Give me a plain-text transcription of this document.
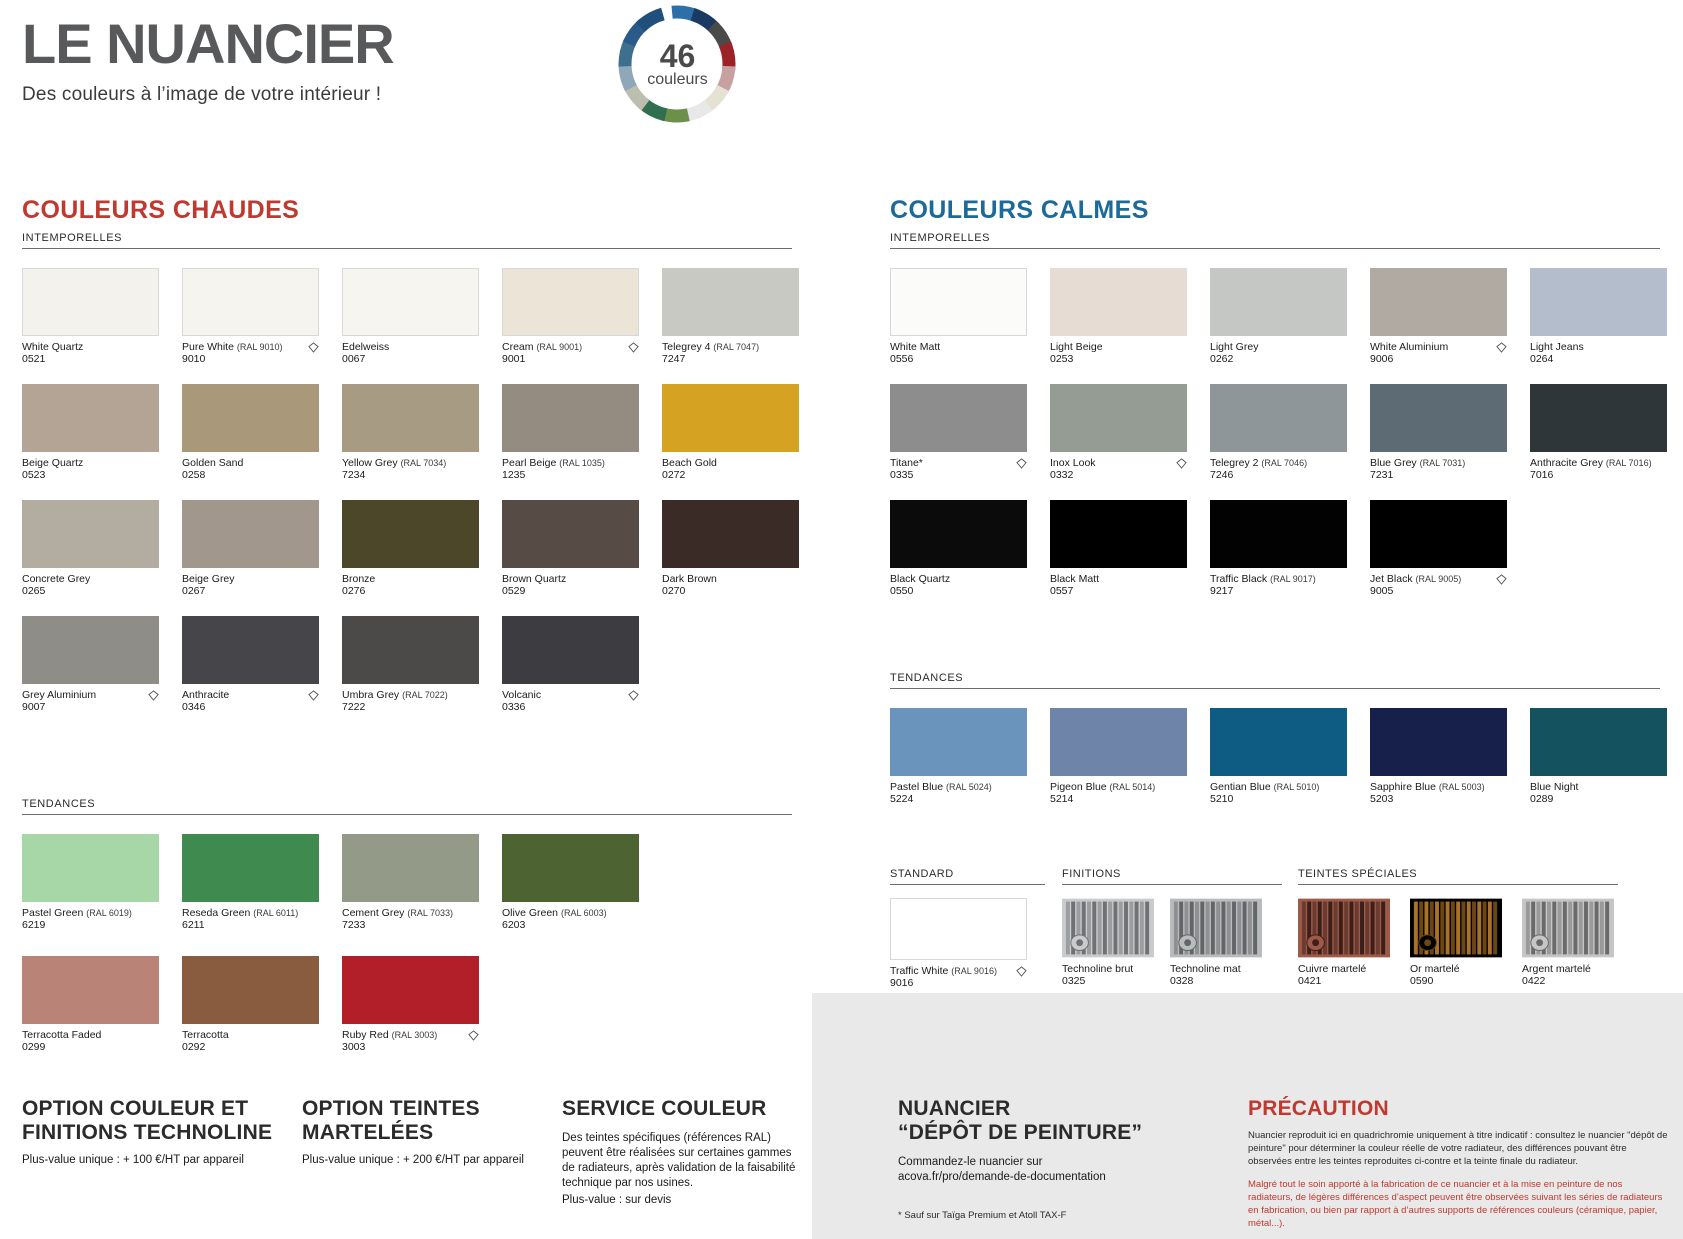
LE NUANCIER
Des couleurs à l’image de votre intérieur !
46
couleurs
COULEURS CHAUDES
INTEMPORELLES
COULEURS CALMES
INTEMPORELLES
TENDANCES
TENDANCES
White Quartz
0521
Pure White (RAL 9010)
9010
Edelweiss
0067
Cream (RAL 9001)
9001
Telegrey 4 (RAL 7047)
7247
Beige Quartz
0523
Golden Sand
0258
Yellow Grey (RAL 7034)
7234
Pearl Beige (RAL 1035)
1235
Beach Gold
0272
Concrete Grey
0265
Beige Grey
0267
Bronze
0276
Brown Quartz
0529
Dark Brown
0270
Grey Aluminium
9007
Anthracite
0346
Umbra Grey (RAL 7022)
7222
Volcanic
0336
Pastel Green (RAL 6019)
6219
Reseda Green (RAL 6011)
6211
Cement Grey (RAL 7033)
7233
Olive Green (RAL 6003)
6203
Terracotta Faded
0299
Terracotta
0292
Ruby Red (RAL 3003)
3003
White Matt
0556
Light Beige
0253
Light Grey
0262
White Aluminium
9006
Light Jeans
0264
Titane*
0335
Inox Look
0332
Telegrey 2 (RAL 7046)
7246
Blue Grey (RAL 7031)
7231
Anthracite Grey (RAL 7016)
7016
Black Quartz
0550
Black Matt
0557
Traffic Black (RAL 9017)
9217
Jet Black (RAL 9005)
9005
Pastel Blue (RAL 5024)
5224
Pigeon Blue (RAL 5014)
5214
Gentian Blue (RAL 5010)
5210
Sapphire Blue (RAL 5003)
5203
Blue Night
0289
STANDARD	FINITIONS	TEINTES SPÉCIALES
Traffic White (RAL 9016)
9016
Technoline brut
0325
Technoline mat
0328
Cuivre martelé
0421
Or martelé
0590
Argent martelé
0422
OPTION COULEUR ET FINITIONS TECHNOLINE
Plus-value unique : + 100 €/HT par appareil
OPTION TEINTES MARTELÉES
Plus-value unique : + 200 €/HT par appareil
SERVICE COULEUR
Des teintes spécifiques (références RAL) peuvent être réalisées sur certaines gammes de radiateurs, après validation de la faisabilité technique par nos usines.
Plus-value : sur devis
NUANCIER
“DÉPÔT DE PEINTURE”
Commandez-le nuancier sur
acova.fr/pro/demande-de-documentation
* Sauf sur Taïga Premium et Atoll TAX-F
PRÉCAUTION
Nuancier reproduit ici en quadrichromie uniquement à titre indicatif : consultez le nuancier "dépôt de peinture" pour déterminer la couleur réelle de votre radiateur, des différences pouvant être observées entre les teintes reproduites ci-contre et la teinte finale du radiateur.
Malgré tout le soin apporté à la fabrication de ce nuancier et à la mise en peinture de nos radiateurs, de légères différences d’aspect peuvent être observées suivant les séries de radiateurs en fabrication, ou bien par rapport à d’autres supports de références couleurs (céramique, papier, métal...).
